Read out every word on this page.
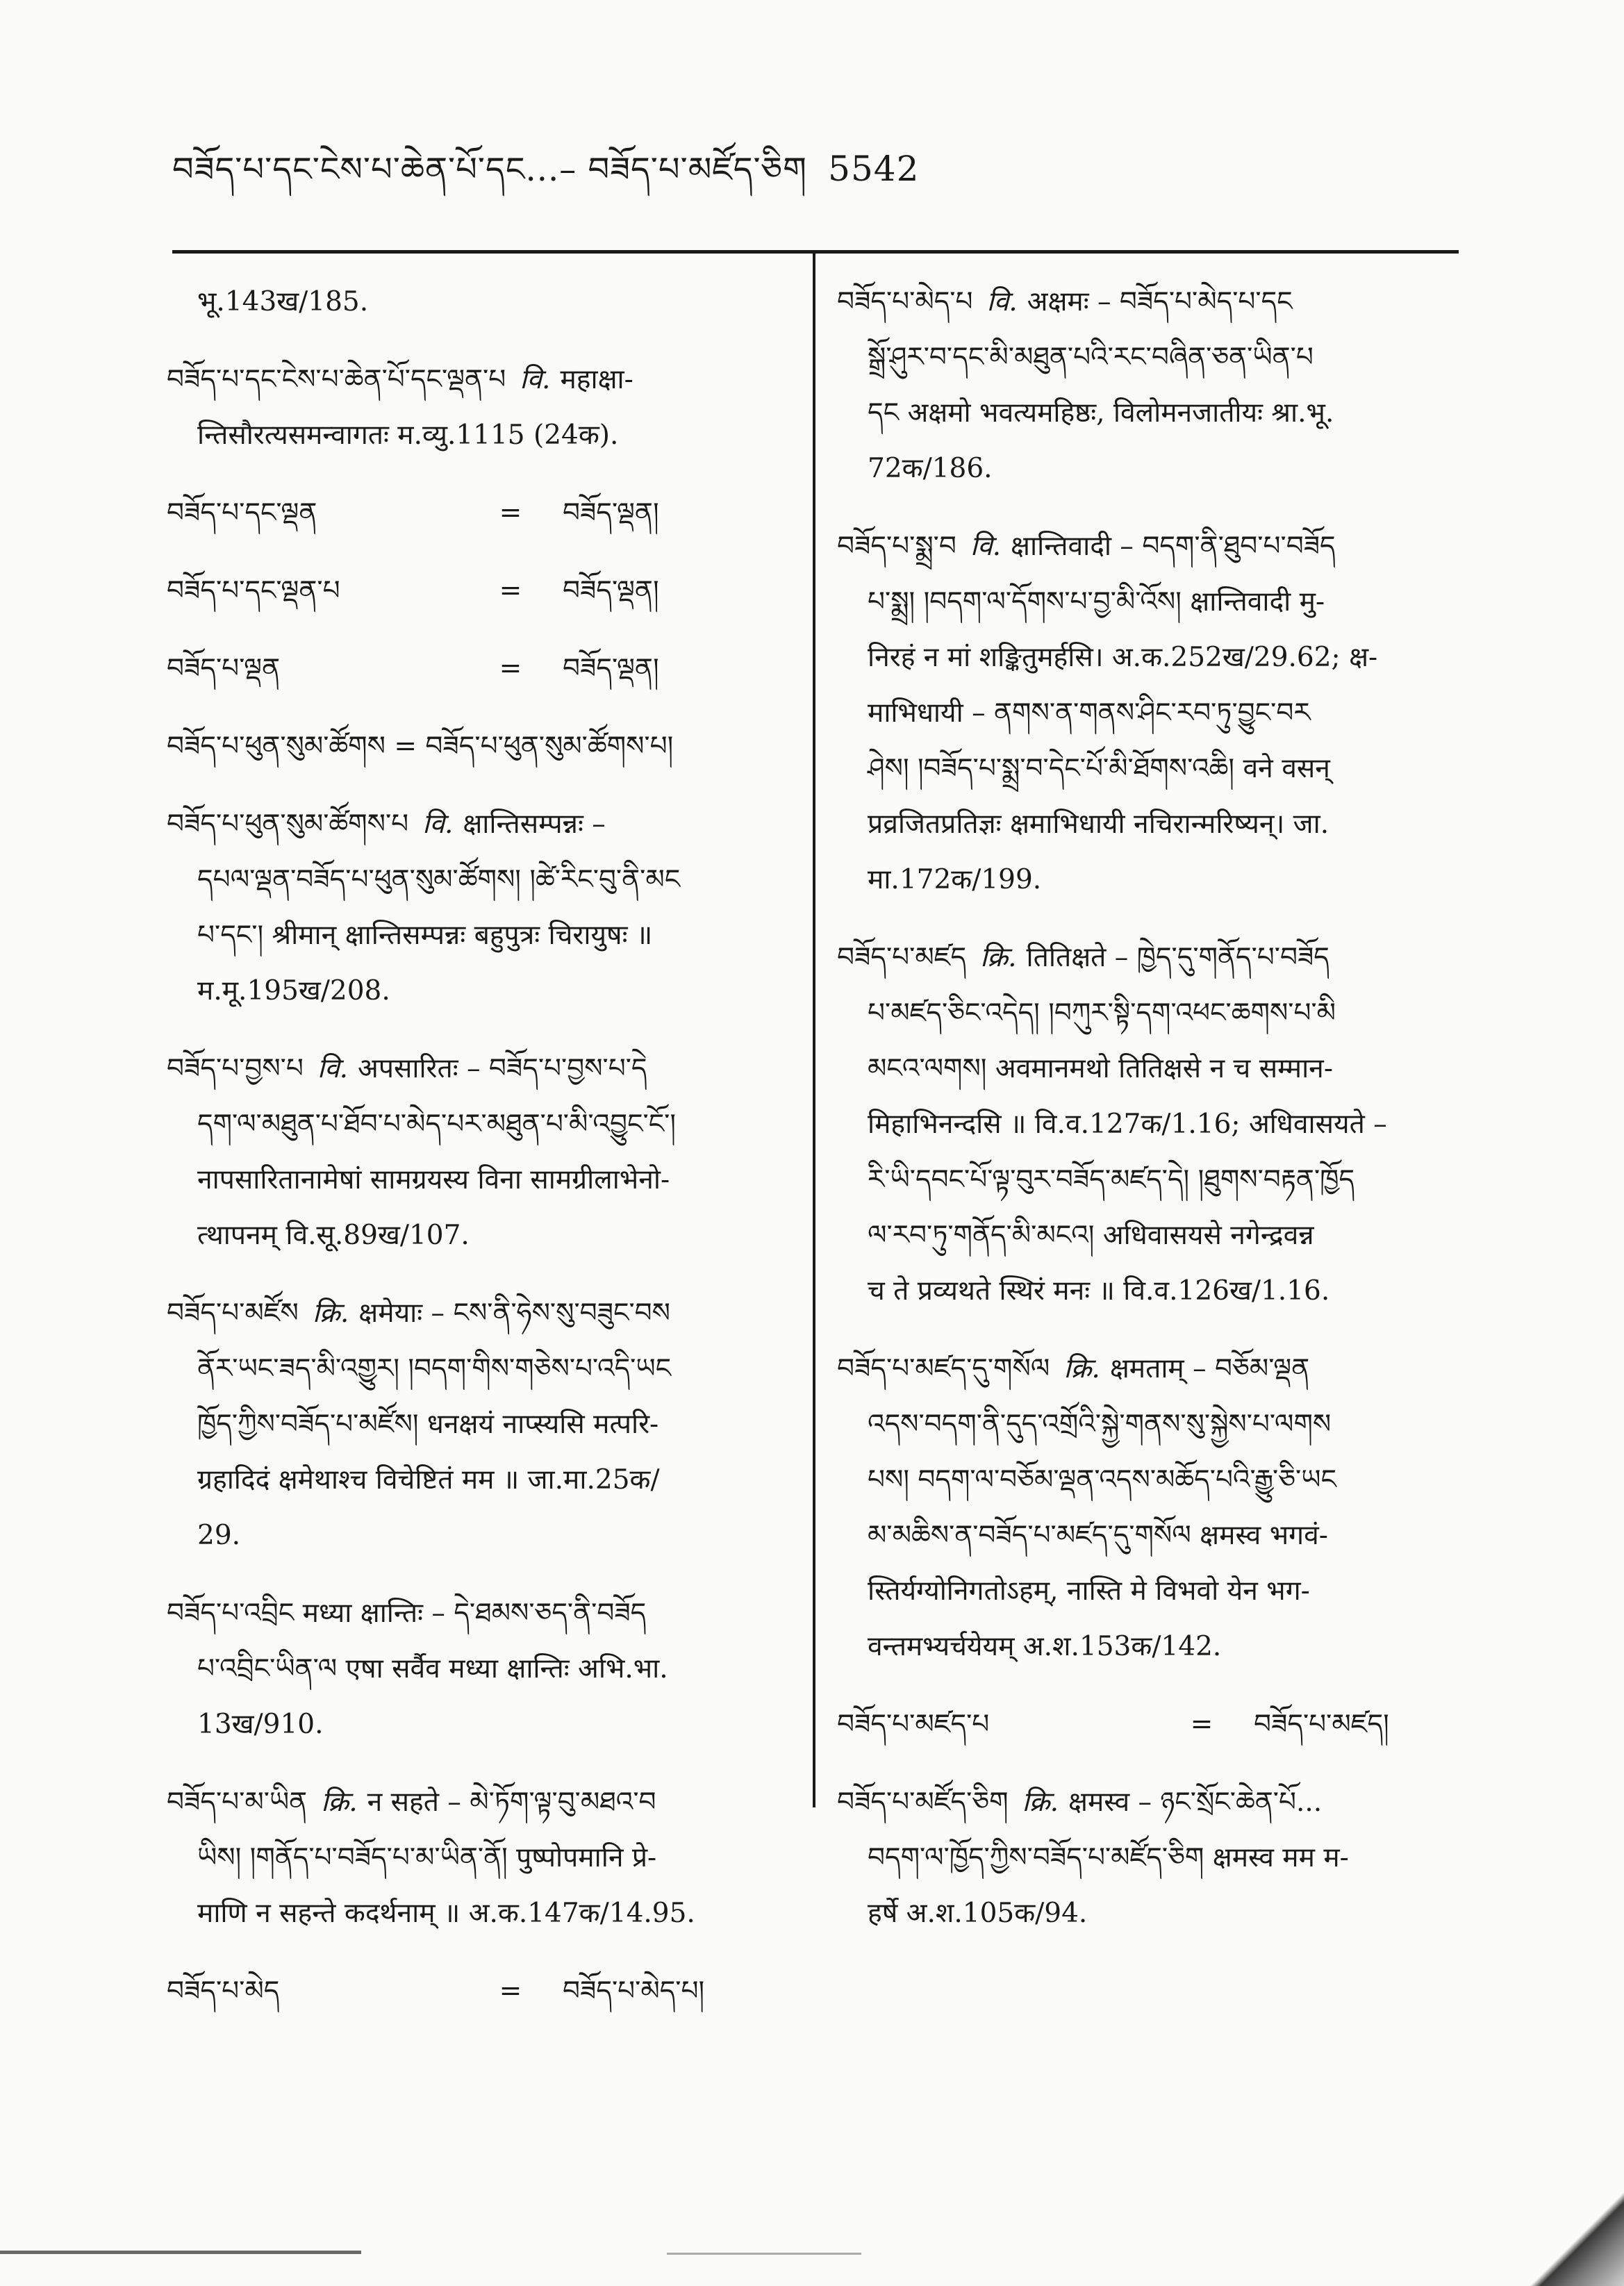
བཟོད་པ་དང་ངེས་པ་ཆེན་པོ་དང...– བཟོད་པ་མཛོད་ཅིག 5542
भू.143ख/185.
བཟོད་པ་དང་ངེས་པ་ཆེན་པོ་དང་ལྡན་པ वि. महाक्षा-
न्तिसौरत्यसमन्वागतः म.व्यु.1115 (24क).
བཟོད་པ་དང་ལྡན	= བཟོད་ལྡན།
བཟོད་པ་དང་ལྡན་པ	= བཟོད་ལྡན།
བཟོད་པ་ལྡན	= བཟོད་ལྡན།
བཟོད་པ་ཕུན་སུམ་ཚོགས = བཟོད་པ་ཕུན་སུམ་ཚོགས་པ།
བཟོད་པ་ཕུན་སུམ་ཚོགས་པ वि. क्षान्तिसम्पन्नः –
དཔལ་ལྡན་བཟོད་པ་ཕུན་སུམ་ཚོགས། །ཚེ་རིང་བུ་ནི་མང
པ་དང༌། श्रीमान् क्षान्तिसम्पन्नः बहुपुत्रः चिरायुषः ॥
म.मू.195ख/208.
བཟོད་པ་བྱས་པ वि. अपसारितः – བཟོད་པ་བྱས་པ་དེ
དག་ལ་མཐུན་པ་ཐོབ་པ་མེད་པར་མཐུན་པ་མི་འབྱུང་ངོ༌།
नापसारितानामेषां सामग्रयस्य विना सामग्रीलाभेनो-
त्थापनम् वि.सू.89ख/107.
བཟོད་པ་མཛོས क्रि. क्षमेयाः – ངས་ནི་ཧེས་སུ་བཟུང་བས
ནོར་ཡང་ཟད་མི་འགྱུར། །བདག་གིས་གཅེས་པ་འདི་ཡང
ཁྱོད་ཀྱིས་བཟོད་པ་མཛོས། धनक्षयं नाप्स्यसि मत्परि-
ग्रहादिदं क्षमेथाश्च विचेष्टितं मम ॥ जा.मा.25क/
29.
བཟོད་པ་འབྲིང मध्या क्षान्तिः – དེ་ཐམས་ཅད་ནི་བཟོད
པ་འབྲིང་ཡིན་ལ एषा सर्वैव मध्या क्षान्तिः अभि.भा.
13ख/910.
བཟོད་པ་མ་ཡིན क्रि. न सहते – མེ་ཏོག་ལྟ་བུ་མཐའ་བ
ཡིས། །གནོད་པ་བཟོད་པ་མ་ཡིན་ནོ། पुष्पोपमानि प्रे-
माणि न सहन्ते कदर्थनाम् ॥ अ.क.147क/14.95.
བཟོད་པ་མེད	= བཟོད་པ་མེད་པ།
བཟོད་པ་མེད་པ वि. अक्षमः – བཟོད་པ་མེད་པ་དང
སྒྲོ་ཤུར་བ་དང་མི་མཐུན་པའི་རང་བཞིན་ཅན་ཡིན་པ
དང अक्षमो भवत्यमहिष्ठः, विलोमनजातीयः श्रा.भू.
72क/186.
བཟོད་པ་སྨྲ་བ वि. क्षान्तिवादी – བདག་ནི་ཐུབ་པ་བཟོད
པ་སྨྲ། །བདག་ལ་དོགས་པ་བྱ་མི་འོས། क्षान्तिवादी मु-
निरहं न मां शङ्कितुमर्हसि। अ.क.252ख/29.62; क्ष-
माभिधायी – ནགས་ན་གནས་ཤིང་རབ་ཏུ་བྱུང་བར
ཤེས། །བཟོད་པ་སྨྲ་བ་དེང་པོ་མི་ཐོགས་འཆི། वने वसन्
प्रव्रजितप्रतिज्ञः क्षमाभिधायी नचिरान्मरिष्यन्। जा.
मा.172क/199.
བཟོད་པ་མཛད क्रि. तितिक्षते – ཁྱེད་དུ་གནོད་པ་བཟོད
པ་མཛད་ཅིང་འདེད། །བཀུར་སྟི་དག་འཕང་ཆགས་པ་མི
མངའ་ལགས། अवमानमथो तितिक्षसे न च सम्मान-
मिहाभिनन्दसि ॥ वि.व.127क/1.16; अधिवासयते –
རི་ཡི་དབང་པོ་ལྟ་བུར་བཟོད་མཛད་དེ། །ཐུགས་བརྟན་ཁྱོད
ལ་རབ་ཏུ་གནོད་མི་མངའ། अधिवासयसे नगेन्द्रवन्न
च ते प्रव्यथते स्थिरं मनः ॥ वि.व.126ख/1.16.
བཟོད་པ་མཛད་དུ་གསོལ क्रि. क्षमताम् – བཅོམ་ལྡན
འདས་བདག་ནི་དུད་འགྲོའི་སྐྱེ་གནས་སུ་སྐྱེས་པ་ལགས
པས། བདག་ལ་བཅོམ་ལྡན་འདས་མཆོད་པའི་རྒྱུ་ཅི་ཡང
མ་མཆིས་ན་བཟོད་པ་མཛད་དུ་གསོལ क्षमस्व भगवं-
स्तिर्यग्योनिगतोऽहम्, नास्ति मे विभवो येन भग-
वन्तमभ्यर्चयेयम् अ.श.153क/142.
བཟོད་པ་མཛད་པ	= བཟོད་པ་མཛད།
བཟོད་པ་མཛོད་ཅིག क्रि. क्षमस्व – ཉང་སྲོང་ཆེན་པོ...
བདག་ལ་ཁྱོད་ཀྱིས་བཟོད་པ་མཛོད་ཅིག क्षमस्व मम म-
हर्षे अ.श.105क/94.
